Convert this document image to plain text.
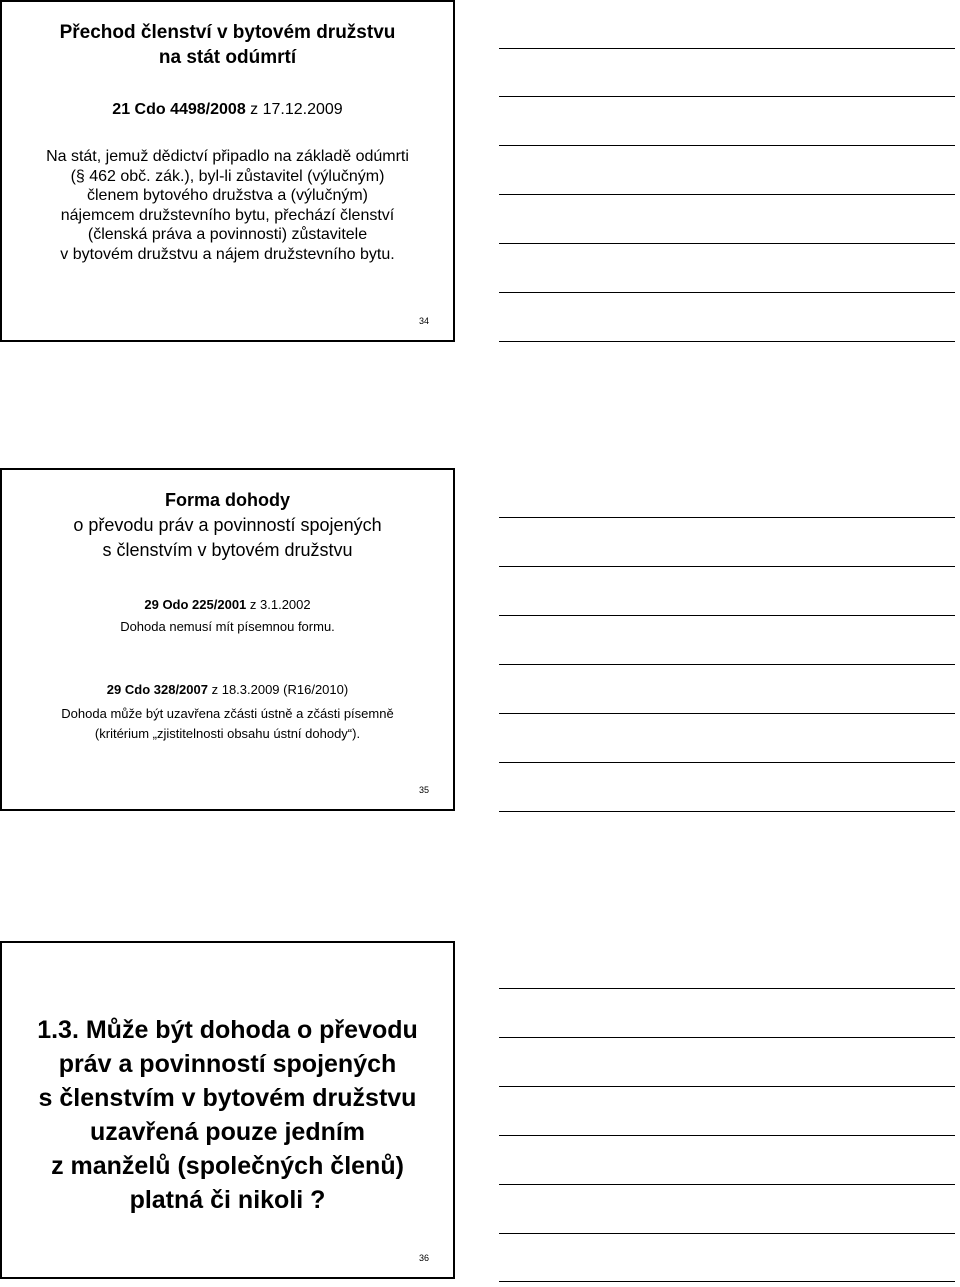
Přechod členství v bytovém družstvu
na stát odúmrtí
21 Cdo 4498/2008 z 17.12.2009
Na stát, jemuž dědictví připadlo na základě odúmrti
(§ 462 obč. zák.), byl-li zůstavitel (výlučným)
členem bytového družstva a (výlučným)
nájemcem družstevního bytu, přechází členství
(členská práva a povinnosti) zůstavitele
v bytovém družstvu a nájem družstevního bytu.
34
Forma dohody
o převodu práv a povinností spojených
s členstvím v bytovém družstvu
29 Odo 225/2001 z 3.1.2002
Dohoda nemusí mít písemnou formu.
29 Cdo 328/2007 z 18.3.2009 (R16/2010)
Dohoda může být uzavřena zčásti ústně a zčásti písemně
(kritérium „zjistitelnosti obsahu ústní dohody“).
35
1.3. Může být dohoda o převodu
práv a povinností spojených
s členstvím v bytovém družstvu
uzavřená pouze jedním
z manželů (společných členů)
platná či nikoli ?
36
